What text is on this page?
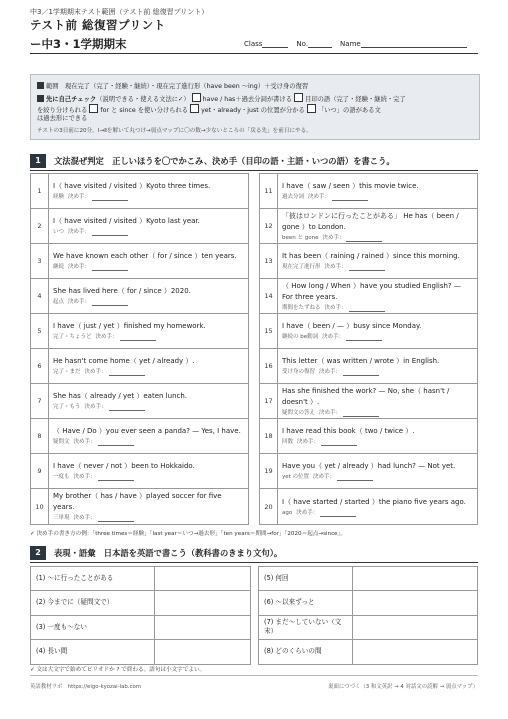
中3／1学期期末テスト範囲（テスト前 総復習プリント）
テスト前 総復習プリント
ー中3・1学期期末	Class	No.	Name
範囲　現在完了（完了・経験・継続）・現在完了進行形（have been ～ing）＋受け身の復習
先に自己チェック（説明できる・使える文法に✓） have / has＋過去分詞が書ける 目印の語（完了・経験・継続・完了
を絞り分けられる for と since を使い分けられる yet・already・just の位置が分かる 「いつ」の語がある文
は過去形にできる
テストの3日前に20分。Ⅰ→Ⅱを解いて丸つけ→弱点マップに〇の数→少ないところの「戻る先」を前日にやる。
1	文法混ぜ判定　正しいほうを〇でかこみ、決め手（目印の語・主語・いつの語）を書こう。
1
I（ have visited / visited ）Kyoto three times.
経験 決め手：
2
I（ have visited / visited ）Kyoto last year.
いつ 決め手：
3
We have known each other（ for / since ）ten years.
継続 決め手：
4
She has lived here（ for / since ）2020.
起点 決め手：
5
I have（ just / yet ）finished my homework.
完了・ちょうど 決め手：
6
He hasn't come home（ yet / already ）.
完了・まだ 決め手：
7
She has（ already / yet ）eaten lunch.
完了・もう 決め手：
8
（ Have / Do ）you ever seen a panda? — Yes, I have.
疑問文 決め手：
9
I have（ never / not ）been to Hokkaido.
一度も 決め手：
10
My brother（ has / have ）played soccer for five years.
三単現 決め手：
11
I have（ saw / seen ）this movie twice.
過去分詞 決め手：
12
「彼はロンドンに行ったことがある」 He has（ been / gone ）to London.
been と gone 決め手：
13
It has been（ raining / rained ）since this morning.
現在完了進行形 決め手：
14
（ How long / When ）have you studied English? — For three years.
期間をたずねる 決め手：
15
I have（ been / — ）busy since Monday.
継続の be動詞 決め手：
16
This letter（ was written / wrote ）in English.
受け身の復習 決め手：
17
Has she finished the work? — No, she（ hasn't / doesn't ）.
疑問文の答え 決め手：
18
I have read this book（ two / twice ）.
回数 決め手：
19
Have you（ yet / already ）had lunch? — Not yet.
yet の位置 決め手：
20
I（ have started / started ）the piano five years ago.
ago 決め手：
✓ 決め手の書き方の例：「three times＝経験」「last year＝いつ→過去形」「ten years＝期間→for」「2020＝起点→since」。
2	表現・語彙　日本語を英語で書こう（教科書のきまり文句）。
(1) 〜に行ったことがある
(2) 今までに（疑問文で）
(3) 一度も〜ない
(4) 長い間
(5) 何回
(6) 〜以来ずっと
(7) まだ〜していない（文末）
(8) どのくらいの間
✓ 文は大文字で始めてピリオドか ? で終わる。語句は小文字でよい。
英語教材ラボ　https://eigo-kyozai-lab.com	裏面につづく（3 和文英訳 → 4 対話文の読解 → 弱点マップ）
